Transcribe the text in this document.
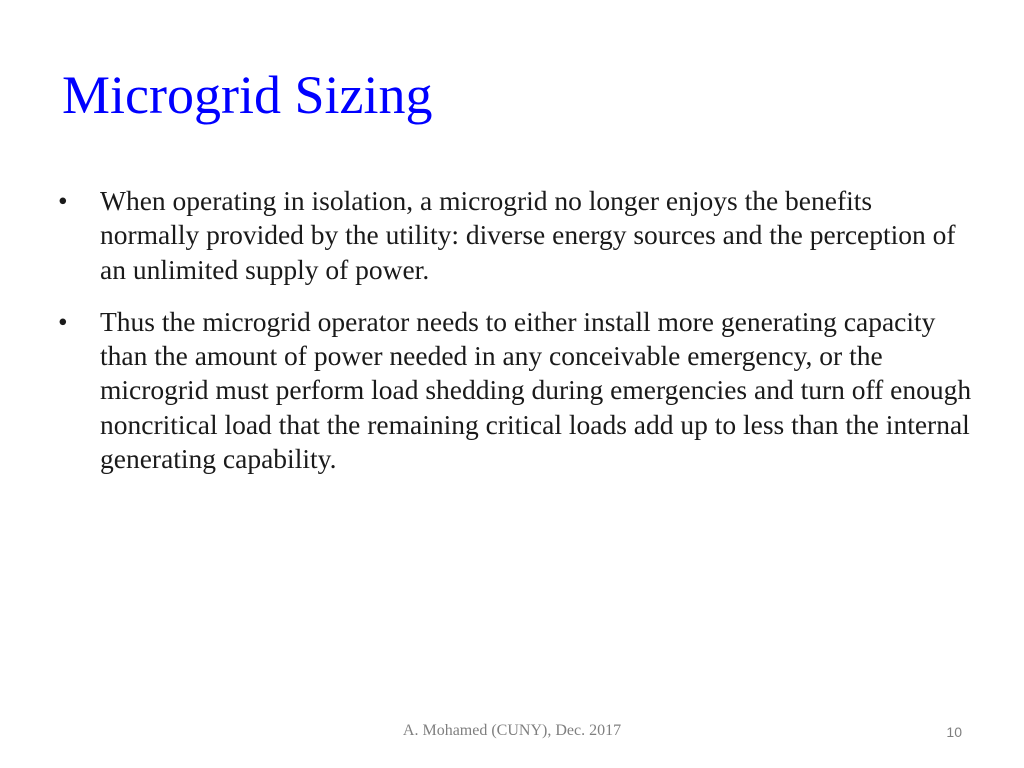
Microgrid Sizing
•	When operating in isolation, a microgrid no longer enjoys the benefits normally provided by the utility: diverse energy sources and the perception of an unlimited supply of power.
•	Thus the microgrid operator needs to either install more generating capacity than the amount of power needed in any conceivable emergency, or the microgrid must perform load shedding during emergencies and turn off enough noncritical load that the remaining critical loads add up to less than the internal generating capability.
A. Mohamed (CUNY), Dec. 2017	10
